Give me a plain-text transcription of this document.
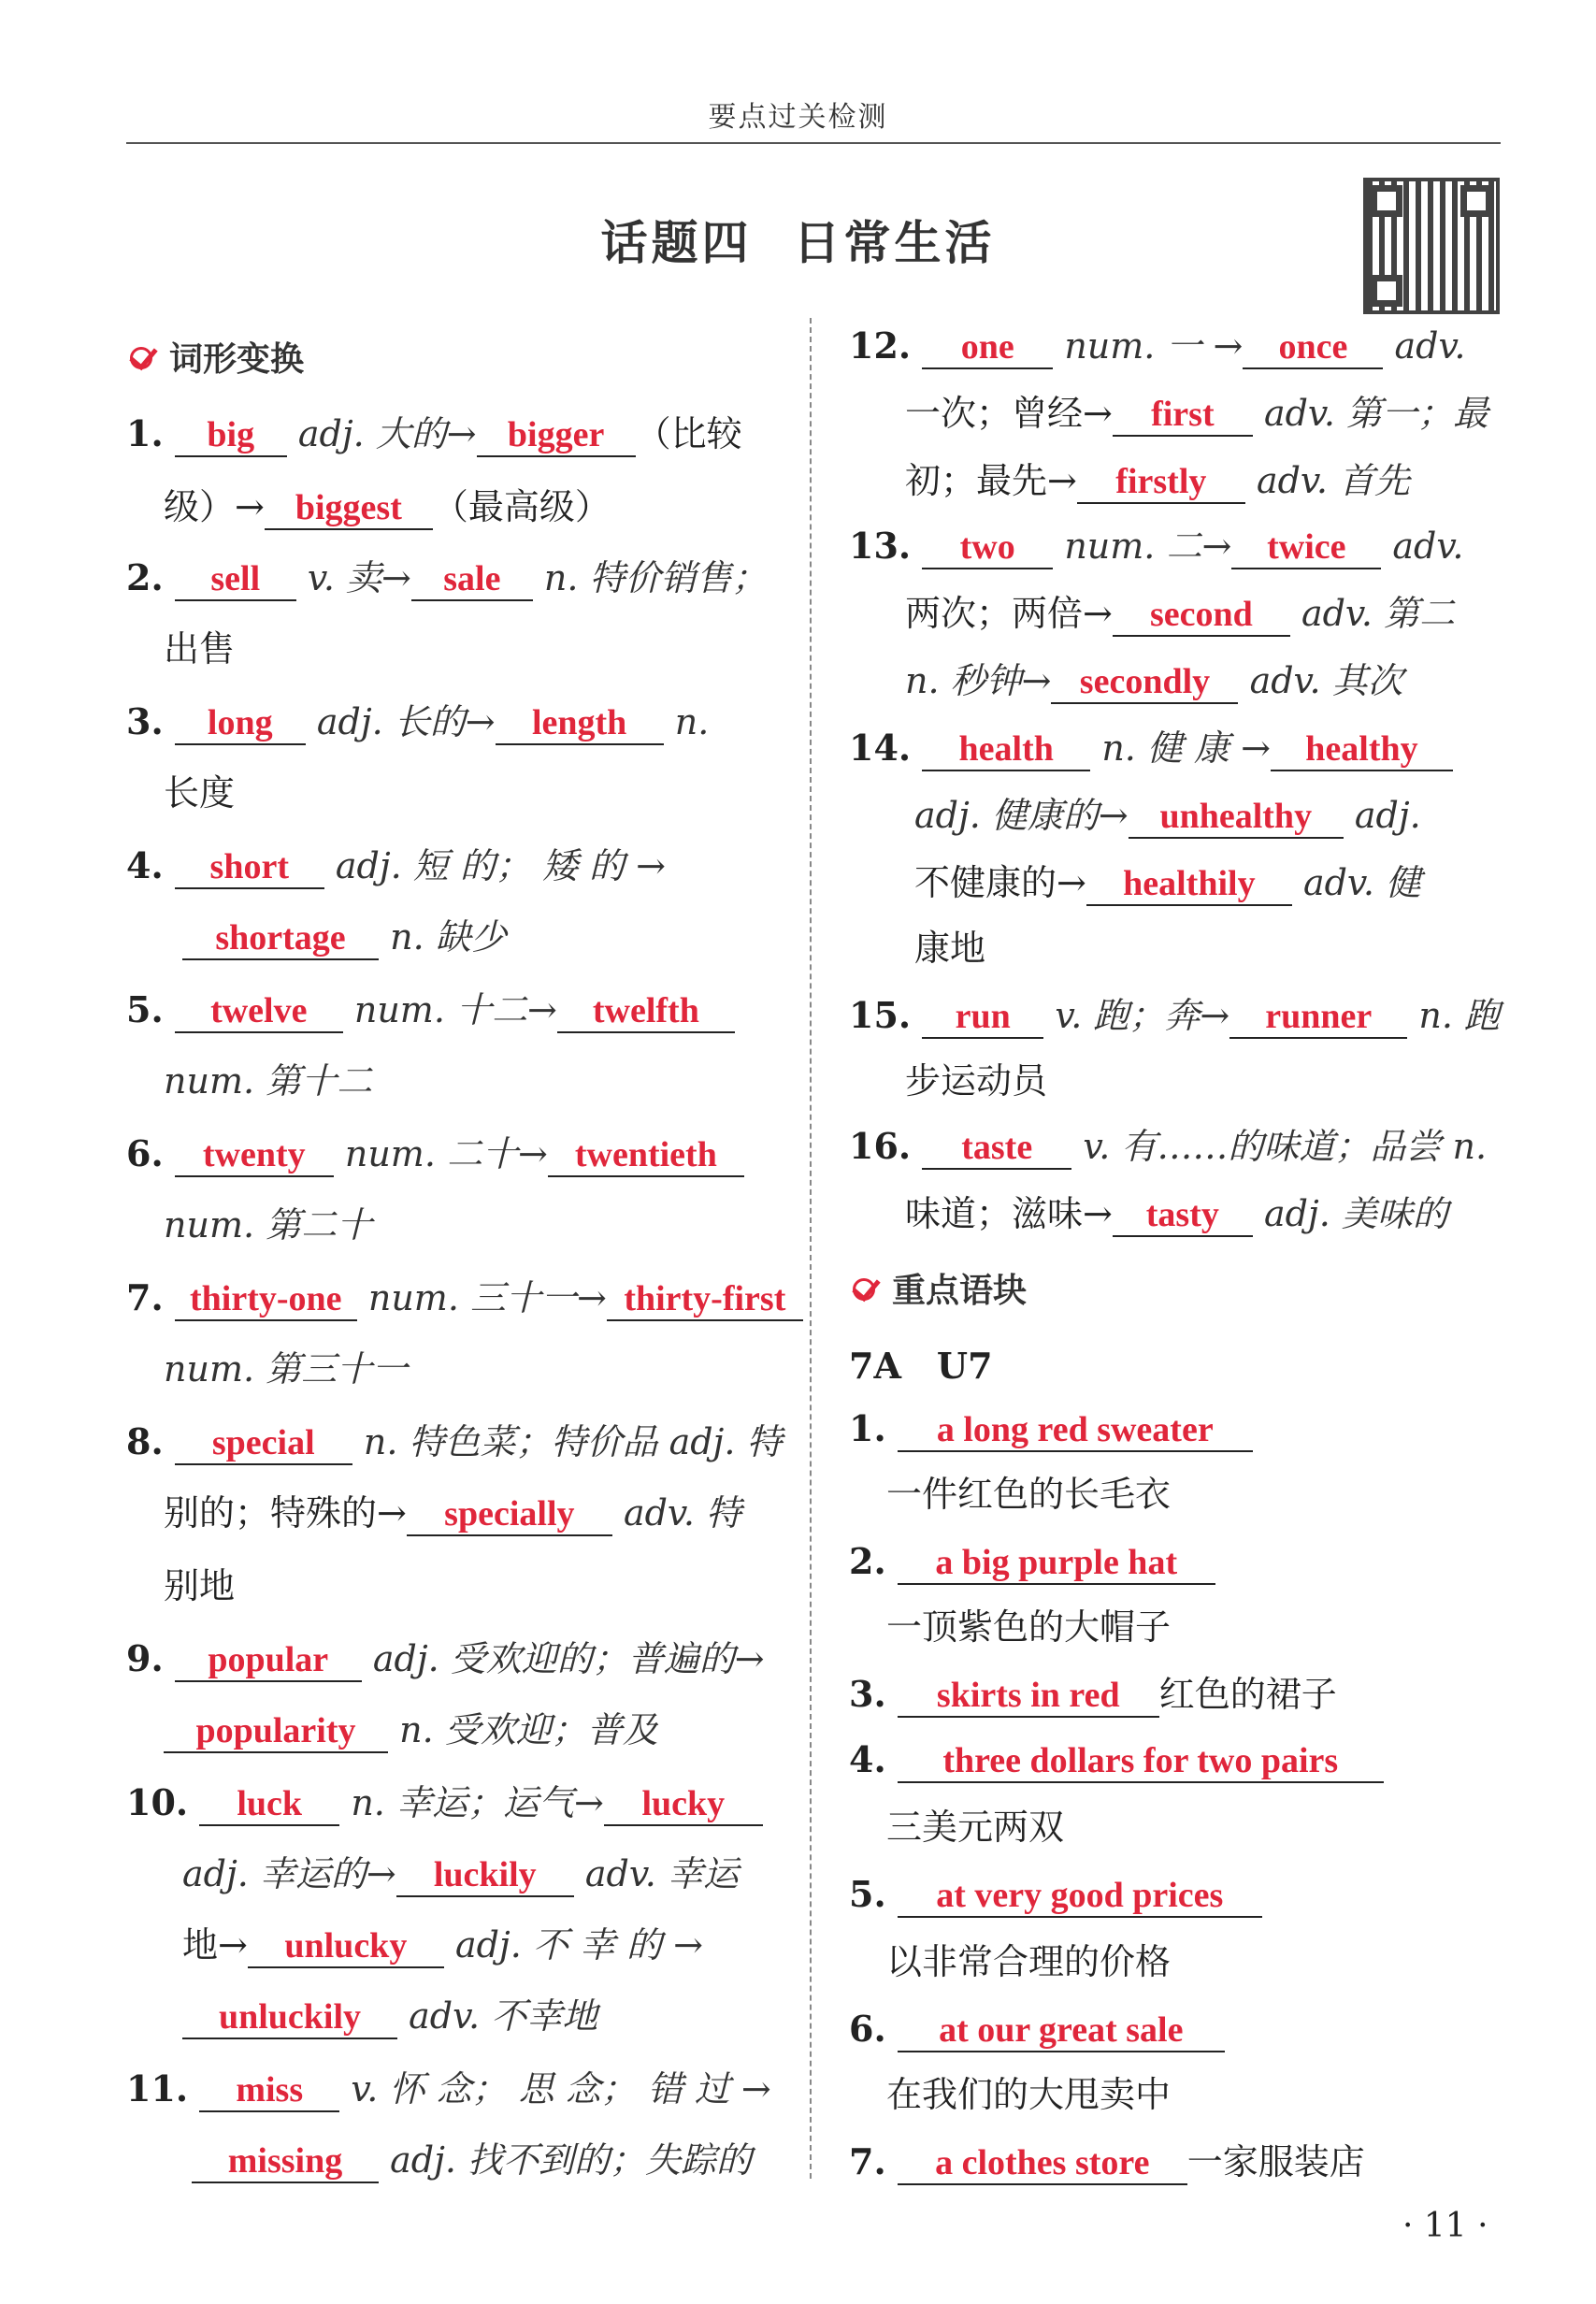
要点过关检测
话题四 日常生活
词形变换
1. big adj. 大的→ bigger （比较
级）→ biggest （最高级）
2. sell v. 卖→ sale n. 特价销售；
出售
3. long adj. 长的→ length n.
长度
4. short adj. 短 的； 矮 的 →
shortage n. 缺少
5. twelve num. 十二→ twelfth
num. 第十二
6. twenty num. 二十→ twentieth
num. 第二十
7. thirty-one num. 三十一→ thirty-first
num. 第三十一
8. special n. 特色菜；特价品 adj. 特
别的；特殊的→ specially adv. 特
别地
9. popular adj. 受欢迎的；普遍的→
popularity n. 受欢迎；普及
10. luck n. 幸运；运气→ lucky
adj. 幸运的→ luckily adv. 幸运
地→ unlucky adj. 不 幸 的 →
unluckily adv. 不幸地
11. miss v. 怀 念； 思 念； 错 过 →
missing adj. 找不到的；失踪的
12. one num. 一 → once adv.
一次；曾经→ first adv. 第一；最
初；最先→ firstly adv. 首先
13. two num. 二→ twice adv.
两次；两倍→ second adv. 第二
n. 秒钟→ secondly adv. 其次
14. health n. 健 康 → healthy
adj. 健康的→ unhealthy adj.
不健康的→ healthily adv. 健
康地
15. run v. 跑；奔→ runner n. 跑
步运动员
16. taste v. 有……的味道；品尝 n.
味道；滋味→ tasty adj. 美味的
重点语块
7A　U7
1. a long red sweater
一件红色的长毛衣
2. a big purple hat
一顶紫色的大帽子
3. skirts in red 红色的裙子
4. three dollars for two pairs
三美元两双
5. at very good prices
以非常合理的价格
6. at our great sale
在我们的大甩卖中
7. a clothes store 一家服装店
· 11 ·
